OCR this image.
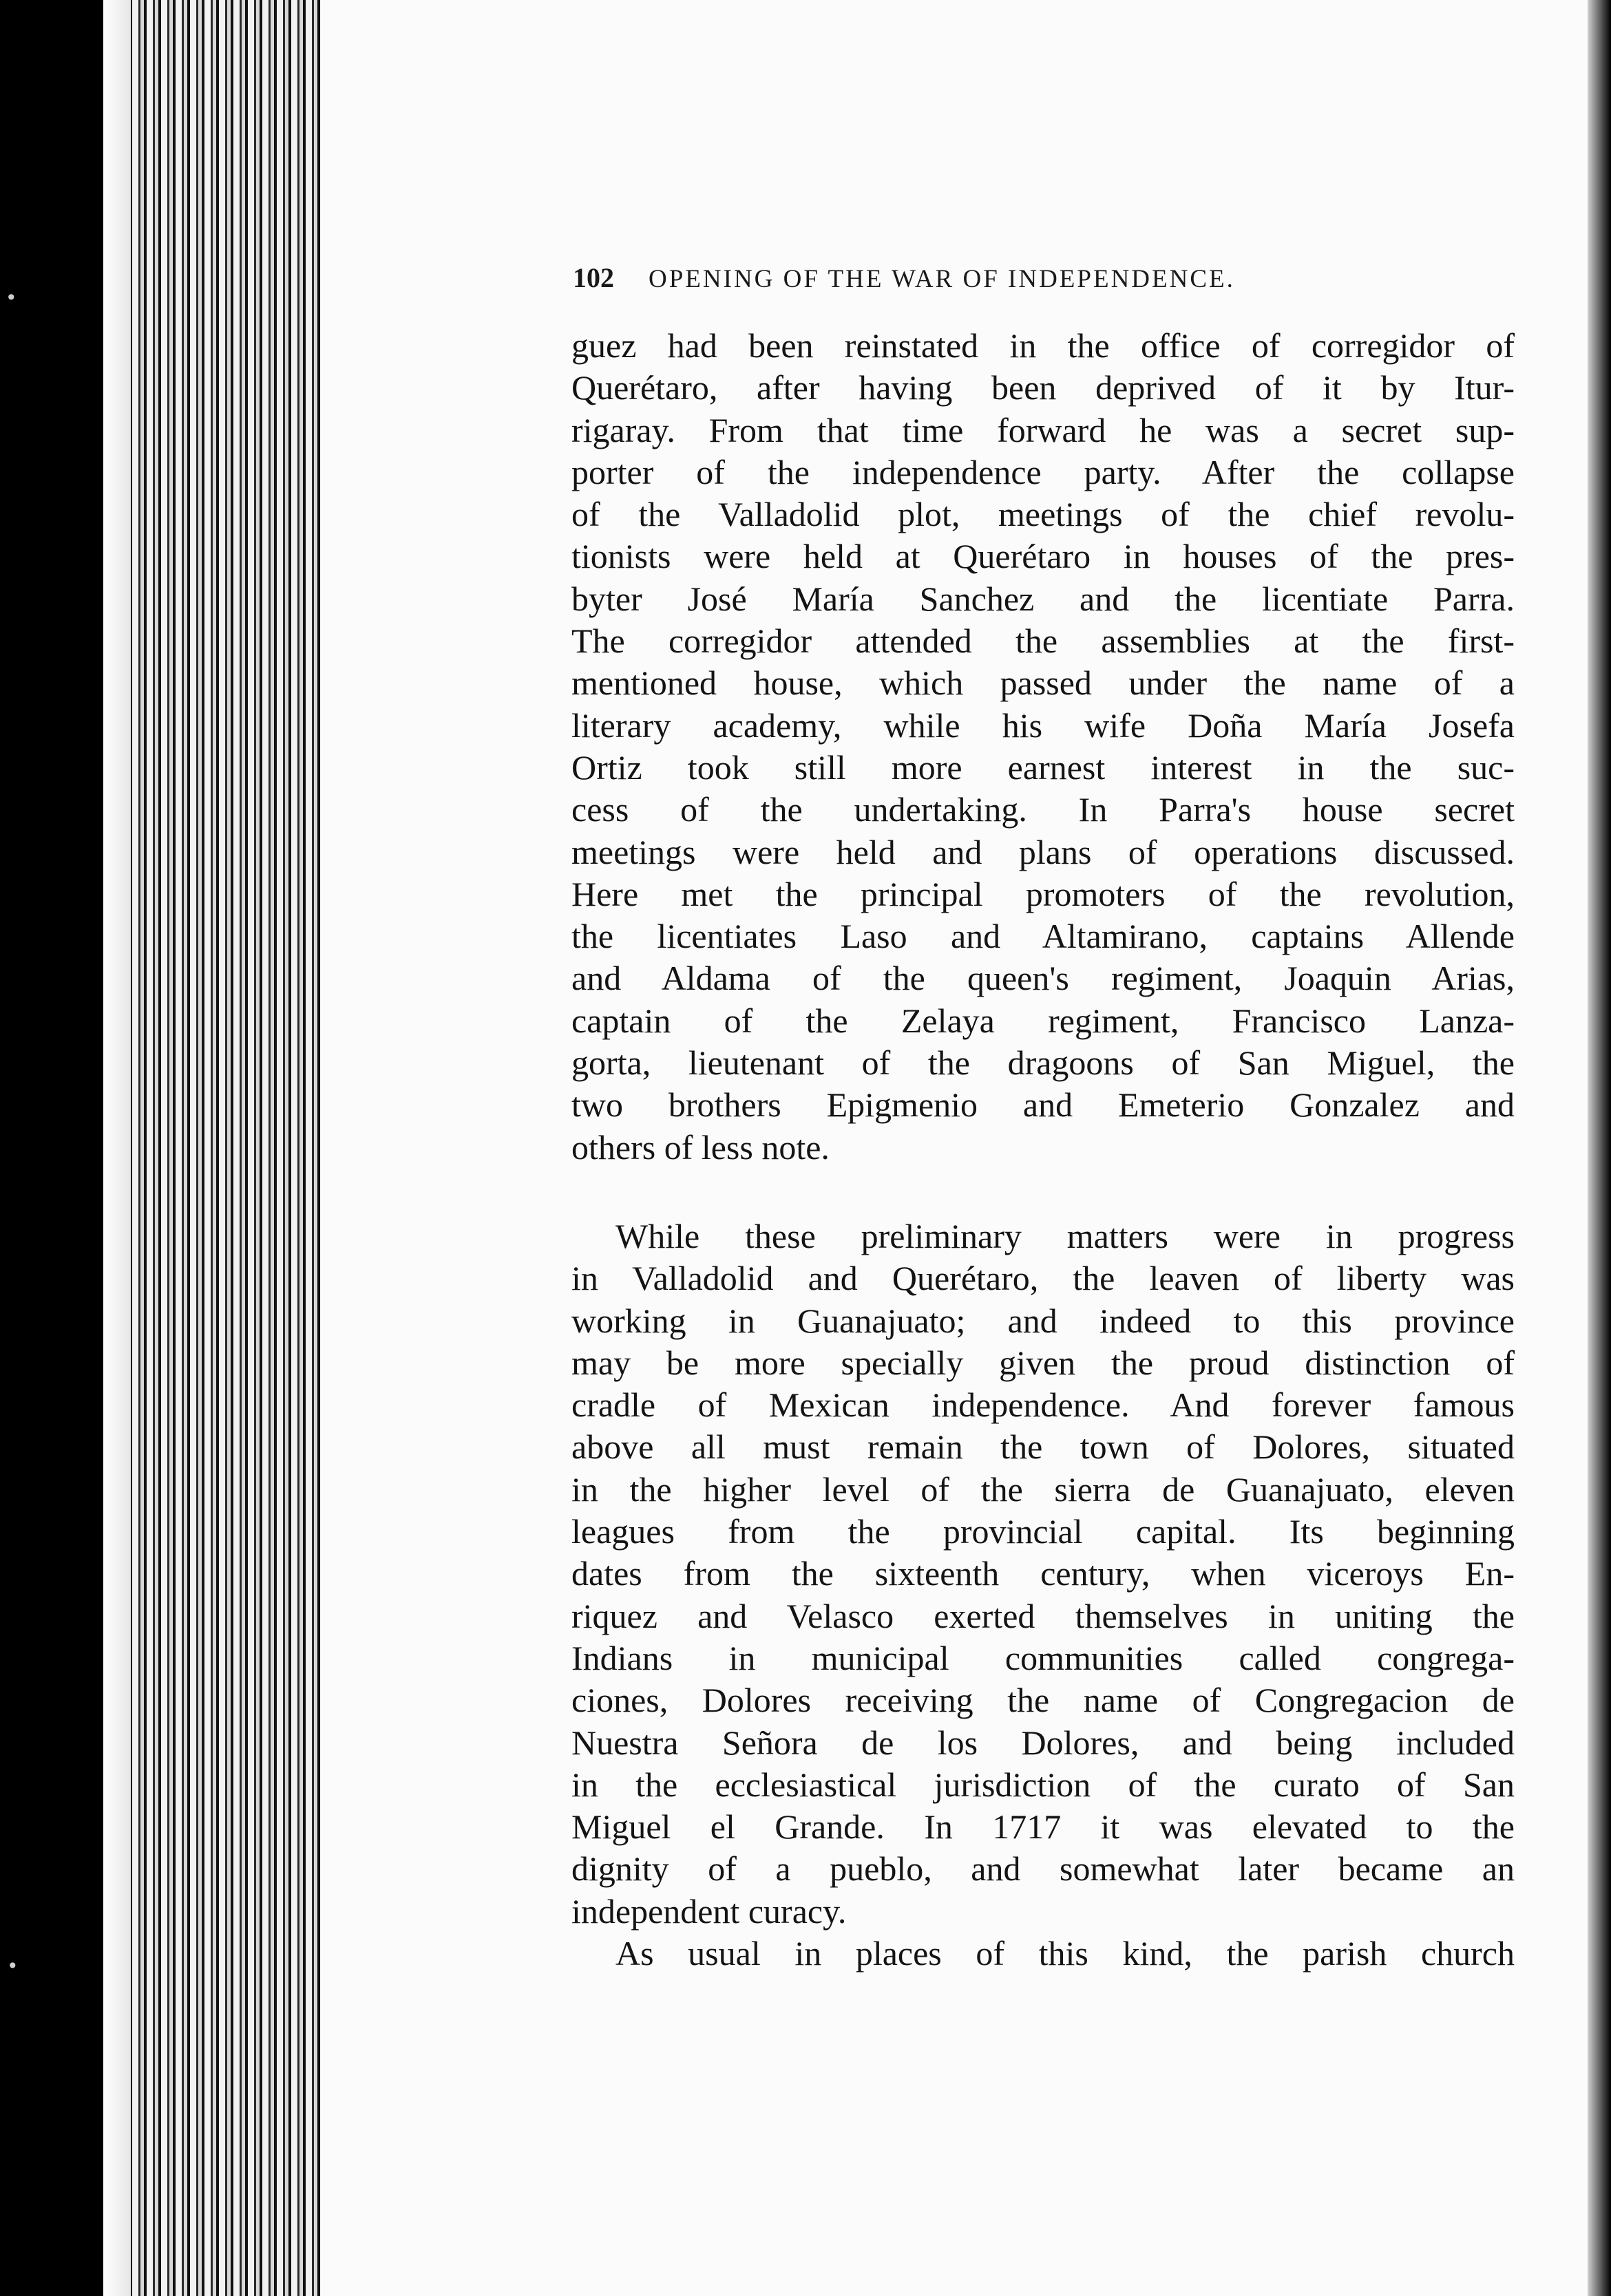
•
•
102	OPENING OF THE WAR OF INDEPENDENCE.
guez had been reinstated in the office of corregidor of
Querétaro, after having been deprived of it by Itur-
rigaray. From that time forward he was a secret sup-
porter of the independence party. After the collapse
of the Valladolid plot, meetings of the chief revolu-
tionists were held at Querétaro in houses of the pres-
byter José María Sanchez and the licentiate Parra.
The corregidor attended the assemblies at the first-
mentioned house, which passed under the name of a
literary academy, while his wife Doña María Josefa
Ortiz took still more earnest interest in the suc-
cess of the undertaking. In Parra's house secret
meetings were held and plans of operations discussed.
Here met the principal promoters of the revolution,
the licentiates Laso and Altamirano, captains Allende
and Aldama of the queen's regiment, Joaquin Arias,
captain of the Zelaya regiment, Francisco Lanza-
gorta, lieutenant of the dragoons of San Miguel, the
two brothers Epigmenio and Emeterio Gonzalez and
others of less note.
While these preliminary matters were in progress
in Valladolid and Querétaro, the leaven of liberty was
working in Guanajuato; and indeed to this province
may be more specially given the proud distinction of
cradle of Mexican independence. And forever famous
above all must remain the town of Dolores, situated
in the higher level of the sierra de Guanajuato, eleven
leagues from the provincial capital. Its beginning
dates from the sixteenth century, when viceroys En-
riquez and Velasco exerted themselves in uniting the
Indians in municipal communities called congrega-
ciones, Dolores receiving the name of Congregacion de
Nuestra Señora de los Dolores, and being included
in the ecclesiastical jurisdiction of the curato of San
Miguel el Grande. In 1717 it was elevated to the
dignity of a pueblo, and somewhat later became an
independent curacy.
As usual in places of this kind, the parish church
